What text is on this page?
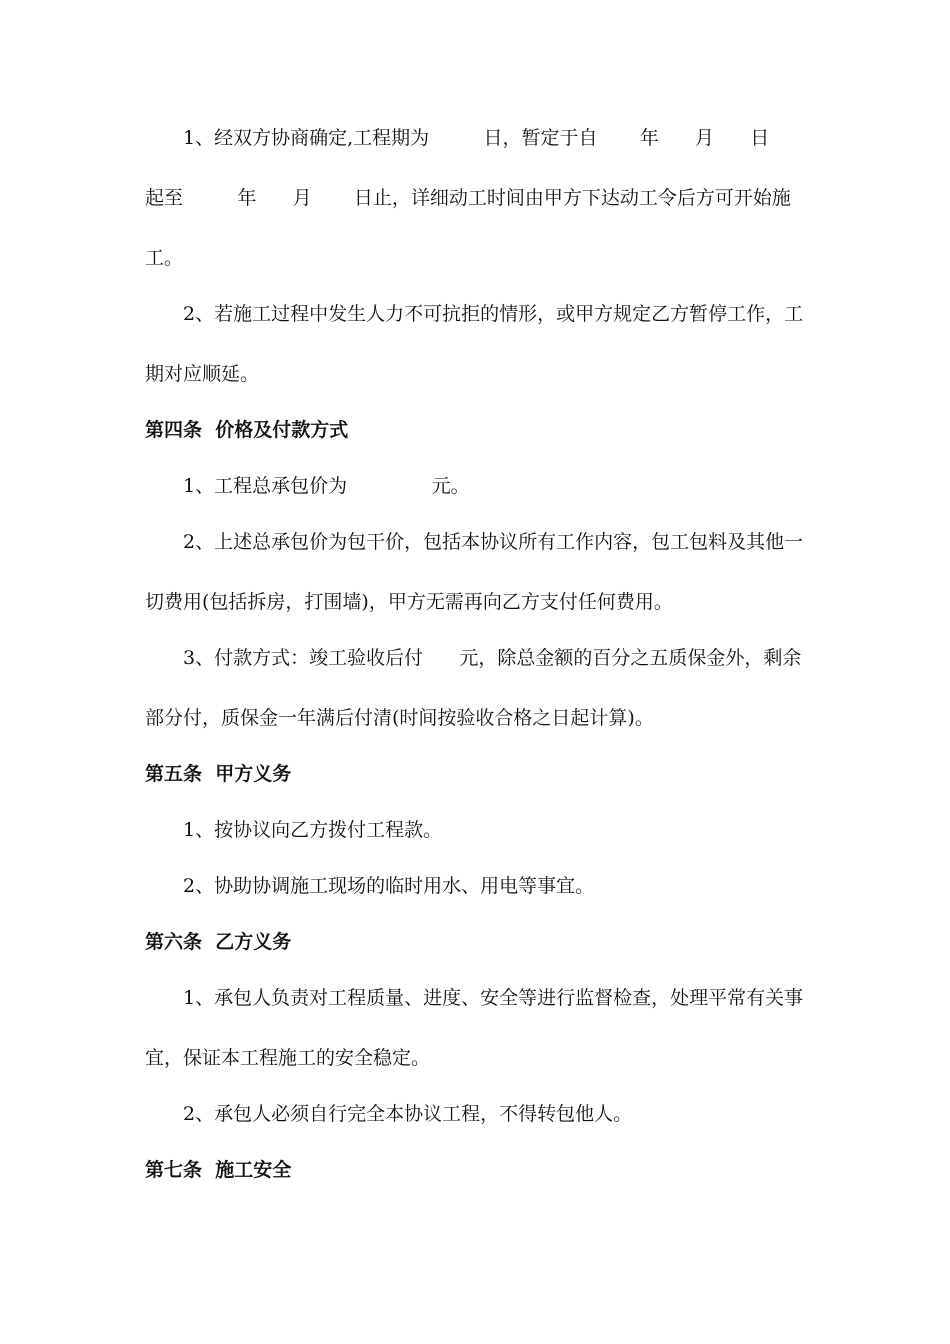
1、经双方协商确定,工程期为         日，暂定于自       年      月      日
起至         年      月       日止，详细动工时间由甲方下达动工令后方可开始施
工。
2、若施工过程中发生人力不可抗拒的情形，或甲方规定乙方暂停工作，工
期对应顺延。
第四条  价格及付款方式
1、工程总承包价为              元。
2、上述总承包价为包干价，包括本协议所有工作内容，包工包料及其他一
切费用(包括拆房，打围墙)，甲方无需再向乙方支付任何费用。
3、付款方式：竣工验收后付      元，除总金额的百分之五质保金外，剩余
部分付，质保金一年满后付清(时间按验收合格之日起计算)。
第五条  甲方义务
1、按协议向乙方拨付工程款。
2、协助协调施工现场的临时用水、用电等事宜。
第六条  乙方义务
1、承包人负责对工程质量、进度、安全等进行监督检查，处理平常有关事
宜，保证本工程施工的安全稳定。
2、承包人必须自行完全本协议工程，不得转包他人。
第七条  施工安全
